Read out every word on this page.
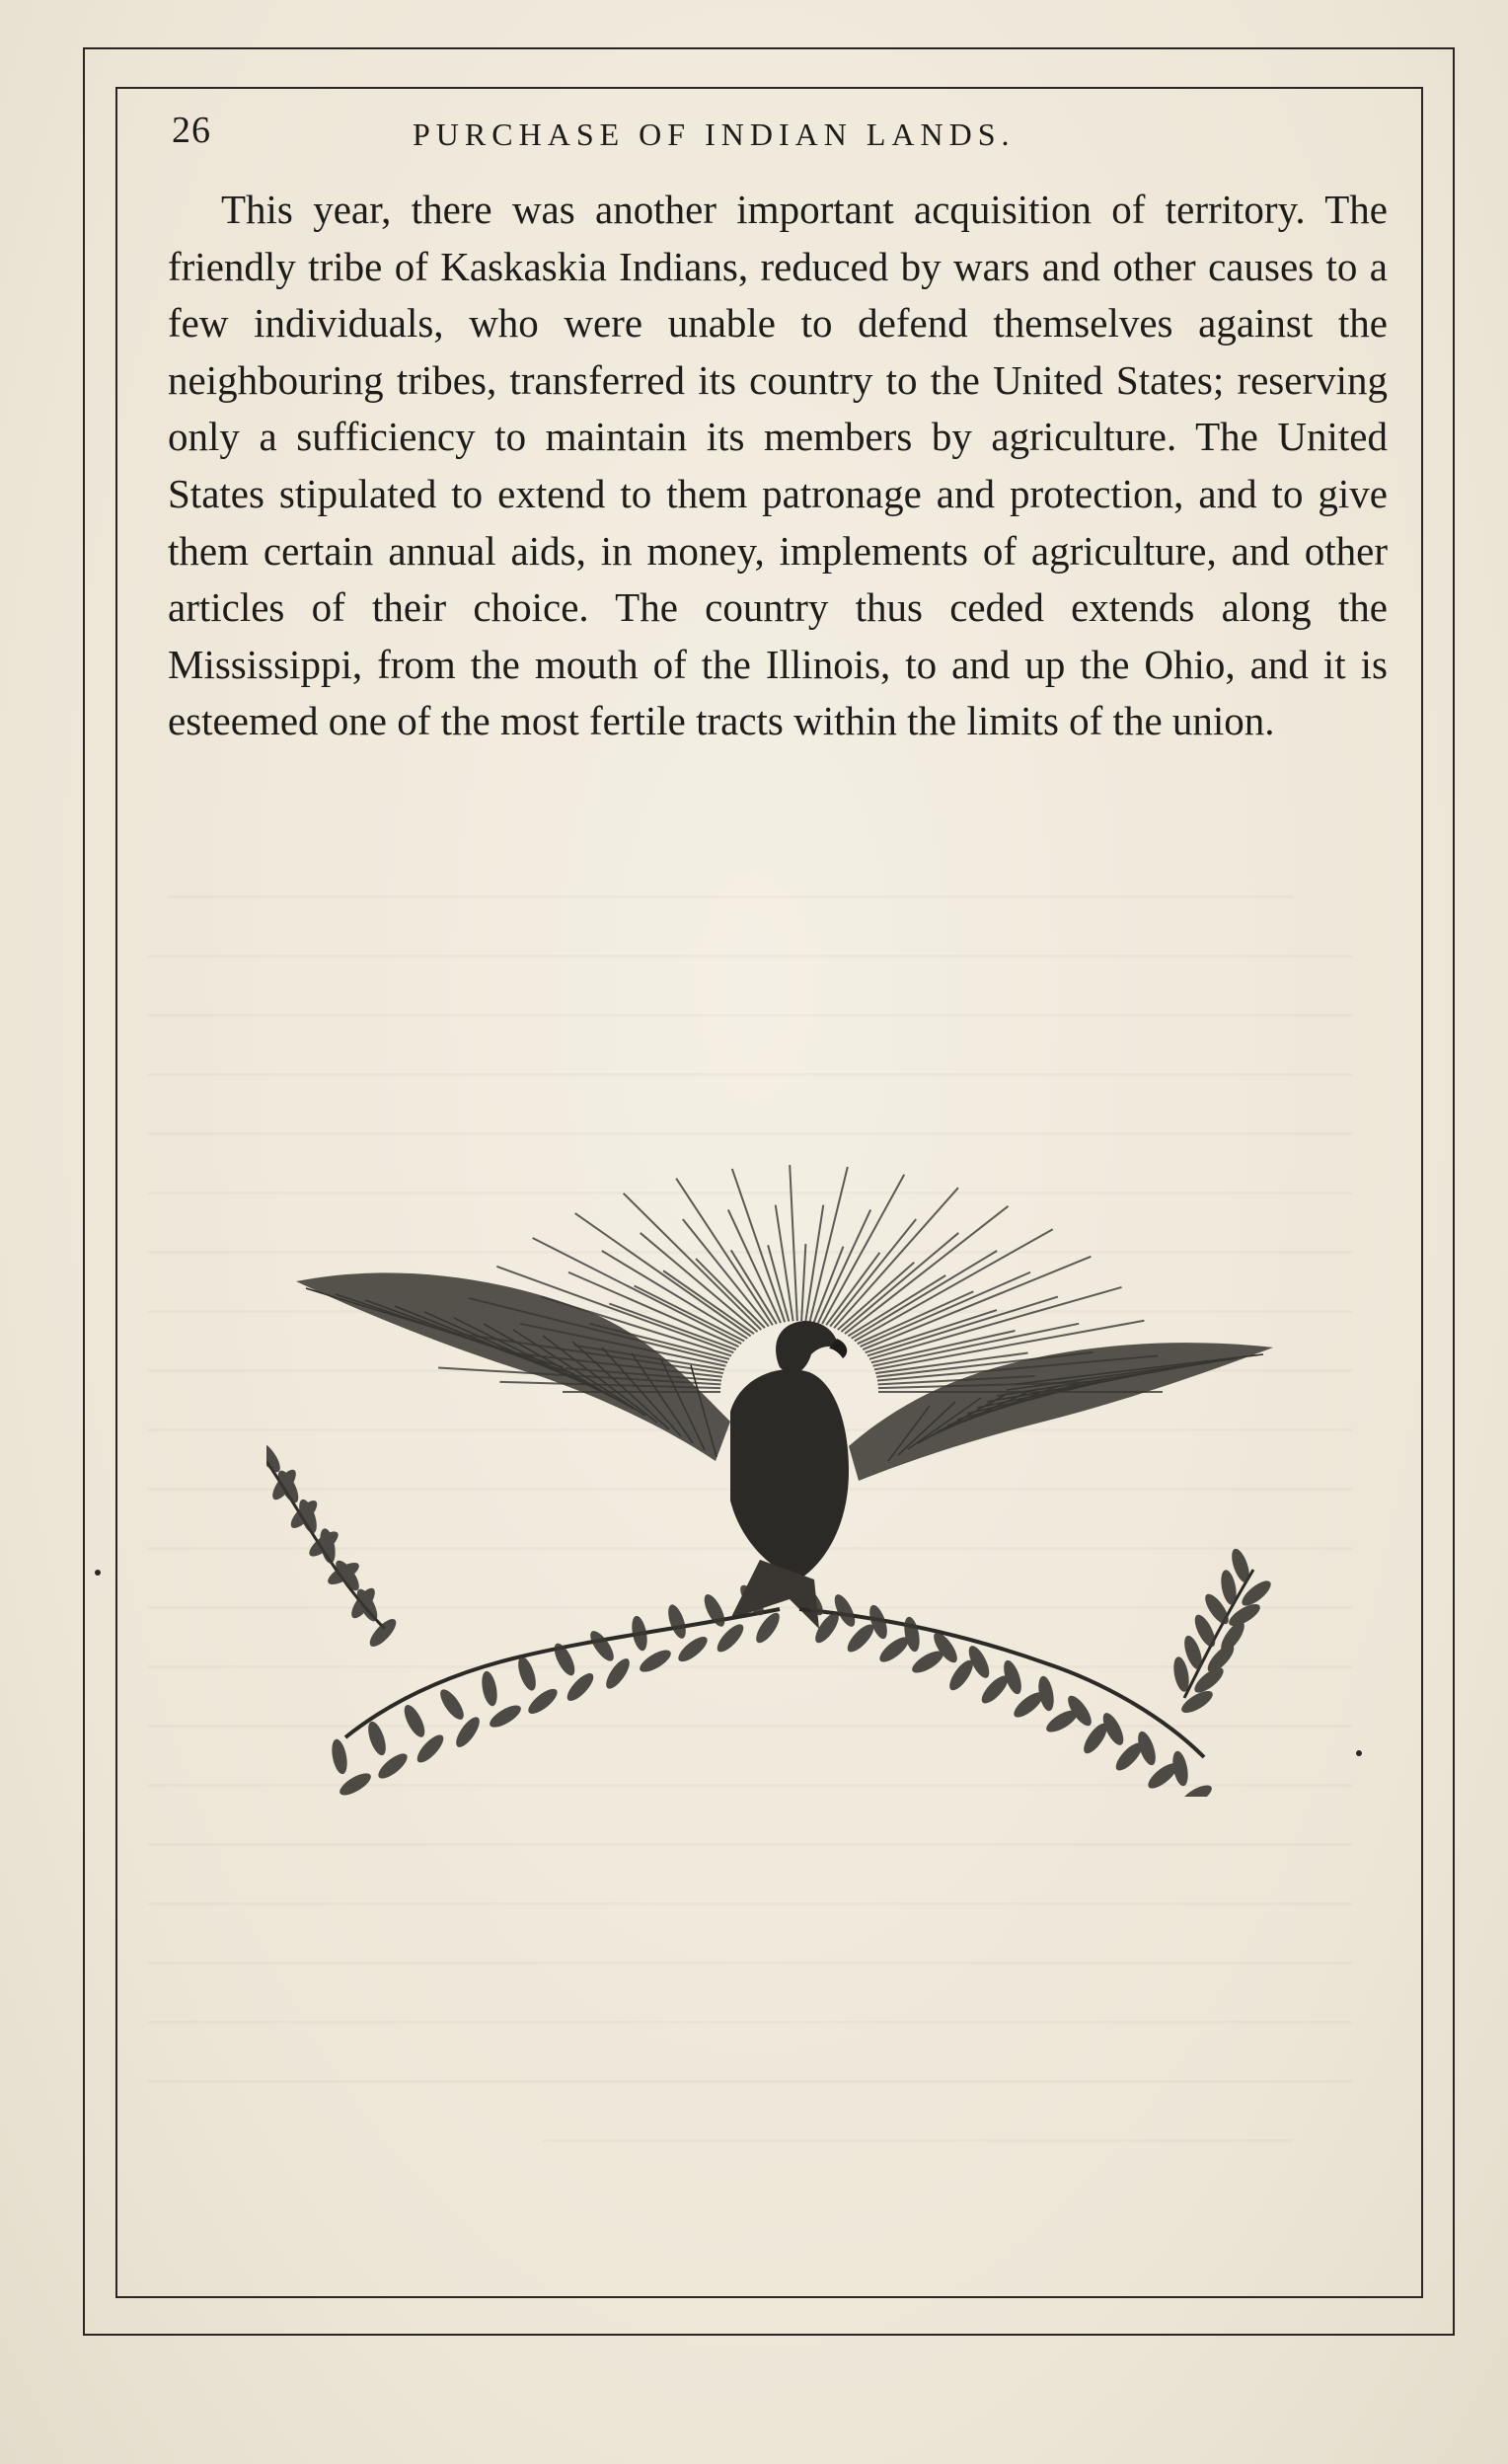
26	PURCHASE OF INDIAN LANDS.

This year, there was another important acquisition of territory. The friendly tribe of Kaskaskia Indians, reduced by wars and other causes to a few individuals, who were unable to defend themselves against the neighbouring tribes, transferred its country to the United States; reserving only a sufficiency to maintain its members by agriculture. The United States stipulated to extend to them patronage and protection, and to give them certain annual aids, in money, implements of agriculture, and other articles of their choice. The country thus ceded extends along the Mississippi, from the mouth of the Illinois, to and up the Ohio, and it is esteemed one of the most fertile tracts within the limits of the union.
